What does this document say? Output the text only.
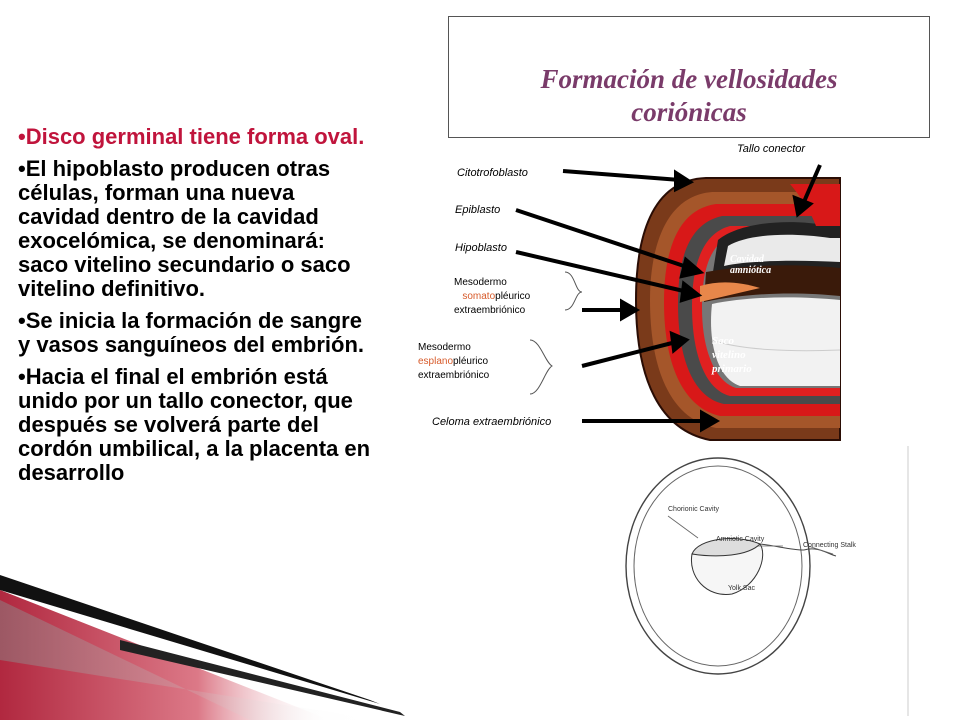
•Disco germinal tiene forma oval.

•El hipoblasto producen otras células, forman una nueva cavidad dentro de la cavidad exocelómica, se denominará: saco vitelino secundario o saco vitelino definitivo.

•Se inicia la formación de sangre y vasos sanguíneos del embrión.

•Hacia el final el embrión está unido por un tallo conector, que después se volverá parte del cordón umbilical, a la placenta en desarrollo

Formación de vellosidades
coriónicas
Citotrofoblasto
Tallo conector
Epiblasto
Hipoblasto
Mesodermo
somatopléurico
extraembriónico
Mesodermo
esplanopléurico
extraembriónico
Celoma extraembriónico
Cavidad
amniótica
Saco
vitelino
primario
Chorionic Cavity
Amniotic Cavity
Connecting Stalk
Yolk Sac
